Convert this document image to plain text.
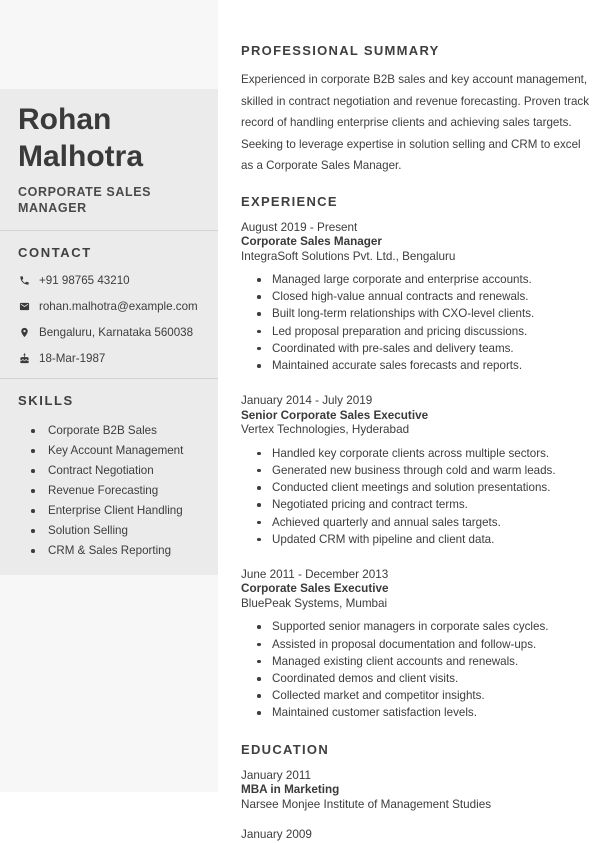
Rohan Malhotra
CORPORATE SALES MANAGER
CONTACT
+91 98765 43210
rohan.malhotra@example.com
Bengaluru, Karnataka 560038
18-Mar-1987
SKILLS
Corporate B2B Sales
Key Account Management
Contract Negotiation
Revenue Forecasting
Enterprise Client Handling
Solution Selling
CRM & Sales Reporting
PROFESSIONAL SUMMARY

Experienced in corporate B2B sales and key account management, skilled in contract negotiation and revenue forecasting. Proven track record of handling enterprise clients and achieving sales targets. Seeking to leverage expertise in solution selling and CRM to excel as a Corporate Sales Manager.

EXPERIENCE
August 2019 - Present
Corporate Sales Manager
IntegraSoft Solutions Pvt. Ltd., Bengaluru
Managed large corporate and enterprise accounts.
Closed high-value annual contracts and renewals.
Built long-term relationships with CXO-level clients.
Led proposal preparation and pricing discussions.
Coordinated with pre-sales and delivery teams.
Maintained accurate sales forecasts and reports.
January 2014 - July 2019
Senior Corporate Sales Executive
Vertex Technologies, Hyderabad
Handled key corporate clients across multiple sectors.
Generated new business through cold and warm leads.
Conducted client meetings and solution presentations.
Negotiated pricing and contract terms.
Achieved quarterly and annual sales targets.
Updated CRM with pipeline and client data.
June 2011 - December 2013
Corporate Sales Executive
BluePeak Systems, Mumbai
Supported senior managers in corporate sales cycles.
Assisted in proposal documentation and follow-ups.
Managed existing client accounts and renewals.
Coordinated demos and client visits.
Collected market and competitor insights.
Maintained customer satisfaction levels.
EDUCATION
January 2011
MBA in Marketing
Narsee Monjee Institute of Management Studies
January 2009
